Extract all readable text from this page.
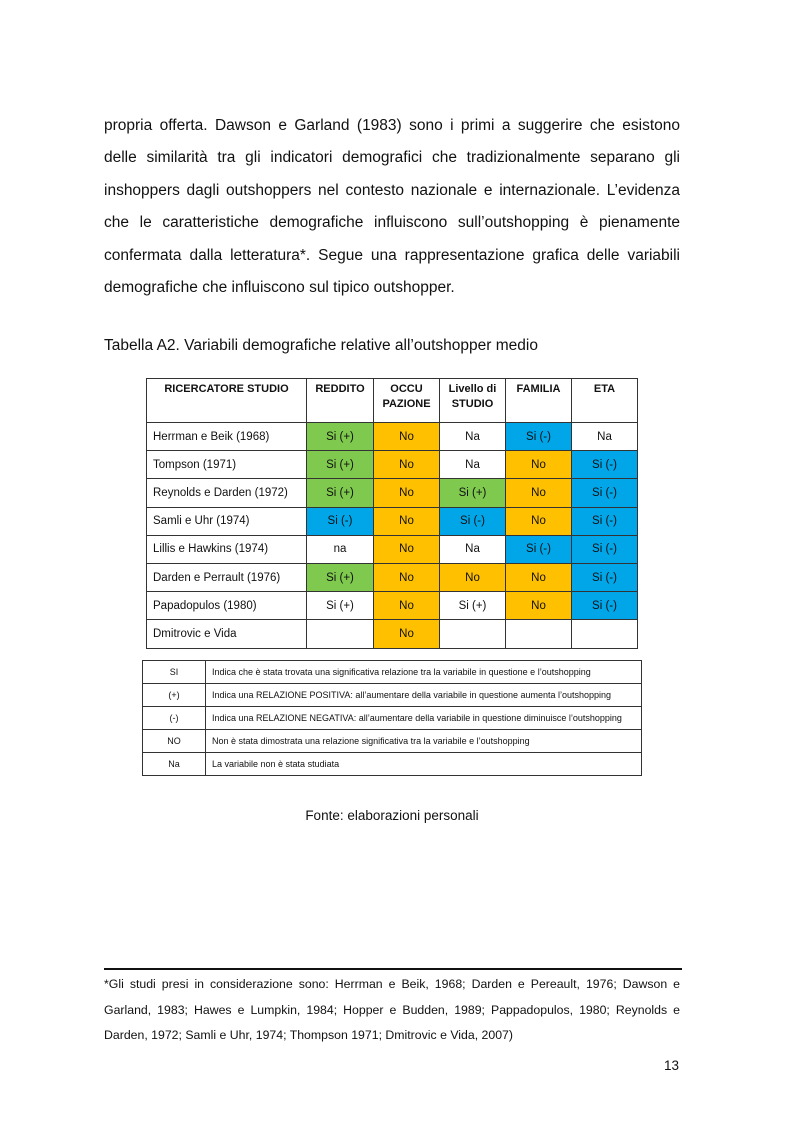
propria offerta. Dawson e Garland (1983) sono i primi a suggerire che esistono delle similarità tra gli indicatori demografici che tradizionalmente separano gli inshoppers dagli outshoppers nel contesto nazionale e internazionale. L’evidenza che le caratteristiche demografiche influiscono sull’outshopping è pienamente confermata dalla letteratura*. Segue una rappresentazione grafica delle variabili demografiche che influiscono sul tipico outshopper.

Tabella A2. Variabili demografiche relative all’outshopper medio

RICERCATORE STUDIO	REDDITO	OCCU PAZIONE	Livello di STUDIO	FAMILIA	ETA
Herrman e Beik (1968)	Si (+)	No	Na	Si (-)	Na
Tompson (1971)	Si (+)	No	Na	No	Si (-)
Reynolds e Darden (1972)	Si (+)	No	Si (+)	No	Si (-)
Samli e Uhr (1974)	Si (-)	No	Si (-)	No	Si (-)
Lillis e Hawkins (1974)	na	No	Na	Si (-)	Si (-)
Darden e Perrault (1976)	Si (+)	No	No	No	Si (-)
Papadopulos (1980)	Si (+)	No	Si (+)	No	Si (-)
Dmitrovic e Vida		No			
SI	Indica che è stata trovata una significativa relazione tra la variabile in questione e l’outshopping
(+)	Indica una RELAZIONE POSITIVA: all’aumentare della variabile in questione aumenta l’outshopping
(-)	Indica una RELAZIONE NEGATIVA: all’aumentare della variabile in questione diminuisce l’outshopping
NO	Non è stata dimostrata una relazione significativa tra la variabile e l’outshopping
Na	La variabile non è stata studiata

Fonte: elaborazioni personali

*Gli studi presi in considerazione sono: Herrman e Beik, 1968; Darden e Pereault, 1976; Dawson e Garland, 1983; Hawes e Lumpkin, 1984; Hopper e Budden, 1989; Pappadopulos, 1980; Reynolds e Darden, 1972; Samli e Uhr, 1974; Thompson 1971; Dmitrovic e Vida, 2007)

13
